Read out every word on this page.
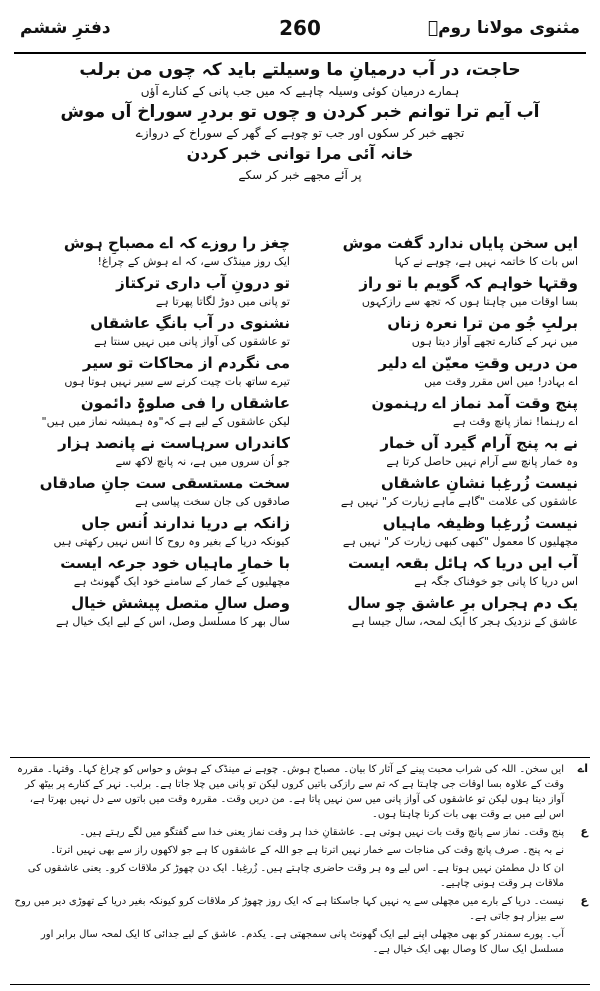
دفترِ ششم	260	مثنوی مولانا رومؒ
حاجت، در آب درمیانِ ما وسیلتے باید کہ چوں من برلب
ہمارے درمیان کوئی وسیلہ چاہیے کہ میں جب پانی کے کنارے آؤں
آب آیم ترا توانم خبر کردن و چوں تو بردرِ سوراخ آں موش
تجھے خبر کر سکوں اور جب تو چوہے کے گھر کے سوراخ کے دروازے
خانہ آئی مرا توانی خبر کردن
پر آئے مجھے خبر کر سکے
ایں سخن پایاں ندارد گفت موش
اس بات کا خاتمہ نہیں ہے، چوہے نے کہا
وقتہا خواہم کہ گویم با تو راز
بسا اوقات میں چاہتا ہوں کہ تجھ سے رازکہوں
برلبِ جُو من ترا نعرہ زناں
میں نہر کے کنارے تجھے آواز دیتا ہوں
من دریں وقتِ معیّن اے دلیر
اے بہادر! میں اس مقرر وقت میں
پنج وقت آمد نماز اے رہنمون
اے رہنما! نماز پانچ وقت ہے
نے بہ پنج آرام گیرد آں خمار
وہ خمار پانچ سے آرام نہیں حاصل کرتا ہے
نیست زُرغِبا نشانِ عاشقاں
عاشقوں کی علامت "گاہے ماہے زیارت کر" نہیں ہے
نیست زُرغِبا وظیفہ ماہیاں
مچھلیوں کا معمول "کبھی کبھی زیارت کر" نہیں ہے
آب ایں دریا کہ ہائل بقعہ ایست
اس دریا کا پانی جو خوفناک جگہ ہے
یک دم ہجراں برِ عاشق چو سال
عاشق کے نزدیک ہجر کا ایک لمحہ، سال جیسا ہے
چغز را روزے کہ اے مصباحِ ہوش
ایک روز مینڈک سے، کہ اے ہوش کے چراغ!
تو درونِ آب داری ترکتاز
تو پانی میں دوڑ لگاتا پھرتا ہے
نشنوی در آب بانگِ عاشقاں
تو عاشقوں کی آواز پانی میں نہیں سنتا ہے
می نگردم از محاکات تو سیر
تیرے ساتھ بات چیت کرنے سے سیر نہیں ہوتا ہوں
عاشقاں را فی صلوۃٍ دائمون
لیکن عاشقوں کے لیے ہے کہ"وہ ہمیشہ نماز میں ہیں"
کاندراں سرہاست نے پانصد ہزار
جو اُن سروں میں ہے، نہ پانچ لاکھ سے
سخت مستسقی ست جانِ صادقاں
صادقوں کی جان سخت پیاسی ہے
زانکہ بے دریا ندارند اُنس جاں
کیونکہ دریا کے بغیر وہ روح کا انس نہیں رکھتی ہیں
با خمارِ ماہیاں خود جرعہ ایست
مچھلیوں کے خمار کے سامنے خود ایک گھونٹ ہے
وصل سالِ متصل پیشش خیال
سال بھر کا مسلسل وصل، اس کے لیے ایک خیال ہے
اے
ایں سخن۔ اللہ کی شراب محبت پینے کے آثار کا بیان۔ مصباح ہوش۔ چوہے نے مینڈک کے ہوش و حواس کو چراغ کہا۔ وقتہا۔ مقررہ وقت کے علاوہ بسا اوقات جی چاہتا ہے کہ تم سے رازکی باتیں کروں لیکن تو پانی میں چلا جاتا ہے۔ برلب۔ نہر کے کنارے پر بیٹھ کر آواز دیتا ہوں لیکن تو عاشقوں کی آواز پانی میں سن نہیں پاتا ہے۔ من دریں وقت۔ مقررہ وقت میں باتوں سے دل نہیں بھرتا ہے، اس لیے میں بے وقت بھی بات کرنا چاہتا ہوں۔
ع
پنج وقت۔ نماز سے پانچ وقت بات نہیں ہوتی ہے۔ عاشقانِ خدا ہر وقت نماز یعنی خدا سے گفتگو میں لگے رہتے ہیں۔
نے بہ پنج۔ صرف پانچ وقت کی مناجات سے خمار نہیں اترتا ہے جو اللہ کے عاشقوں کا ہے جو لاکھوں راز سے بھی نہیں اترتا۔
ان کا دل مطمئن نہیں ہوتا ہے۔ اس لیے وہ ہر وقت حاضری چاہتے ہیں۔ زُرغِبا۔ ایک دن چھوڑ کر ملاقات کرو۔ یعنی عاشقوں کی ملاقات ہر وقت ہونی چاہیے۔
ع
نیست۔ دریا کے بارے میں مچھلی سے یہ نہیں کہا جاسکتا ہے کہ ایک روز چھوڑ کر ملاقات کرو کیونکہ بغیر دریا کے تھوڑی دیر میں روح سے بیزار ہو جاتی ہے۔
آب۔ پورے سمندر کو بھی مچھلی اپنے لیے ایک گھونٹ پانی سمجھتی ہے۔ یکدم۔ عاشق کے لیے جدائی کا ایک لمحہ سال برابر اور مسلسل ایک سال کا وصال بھی ایک خیال ہے۔
